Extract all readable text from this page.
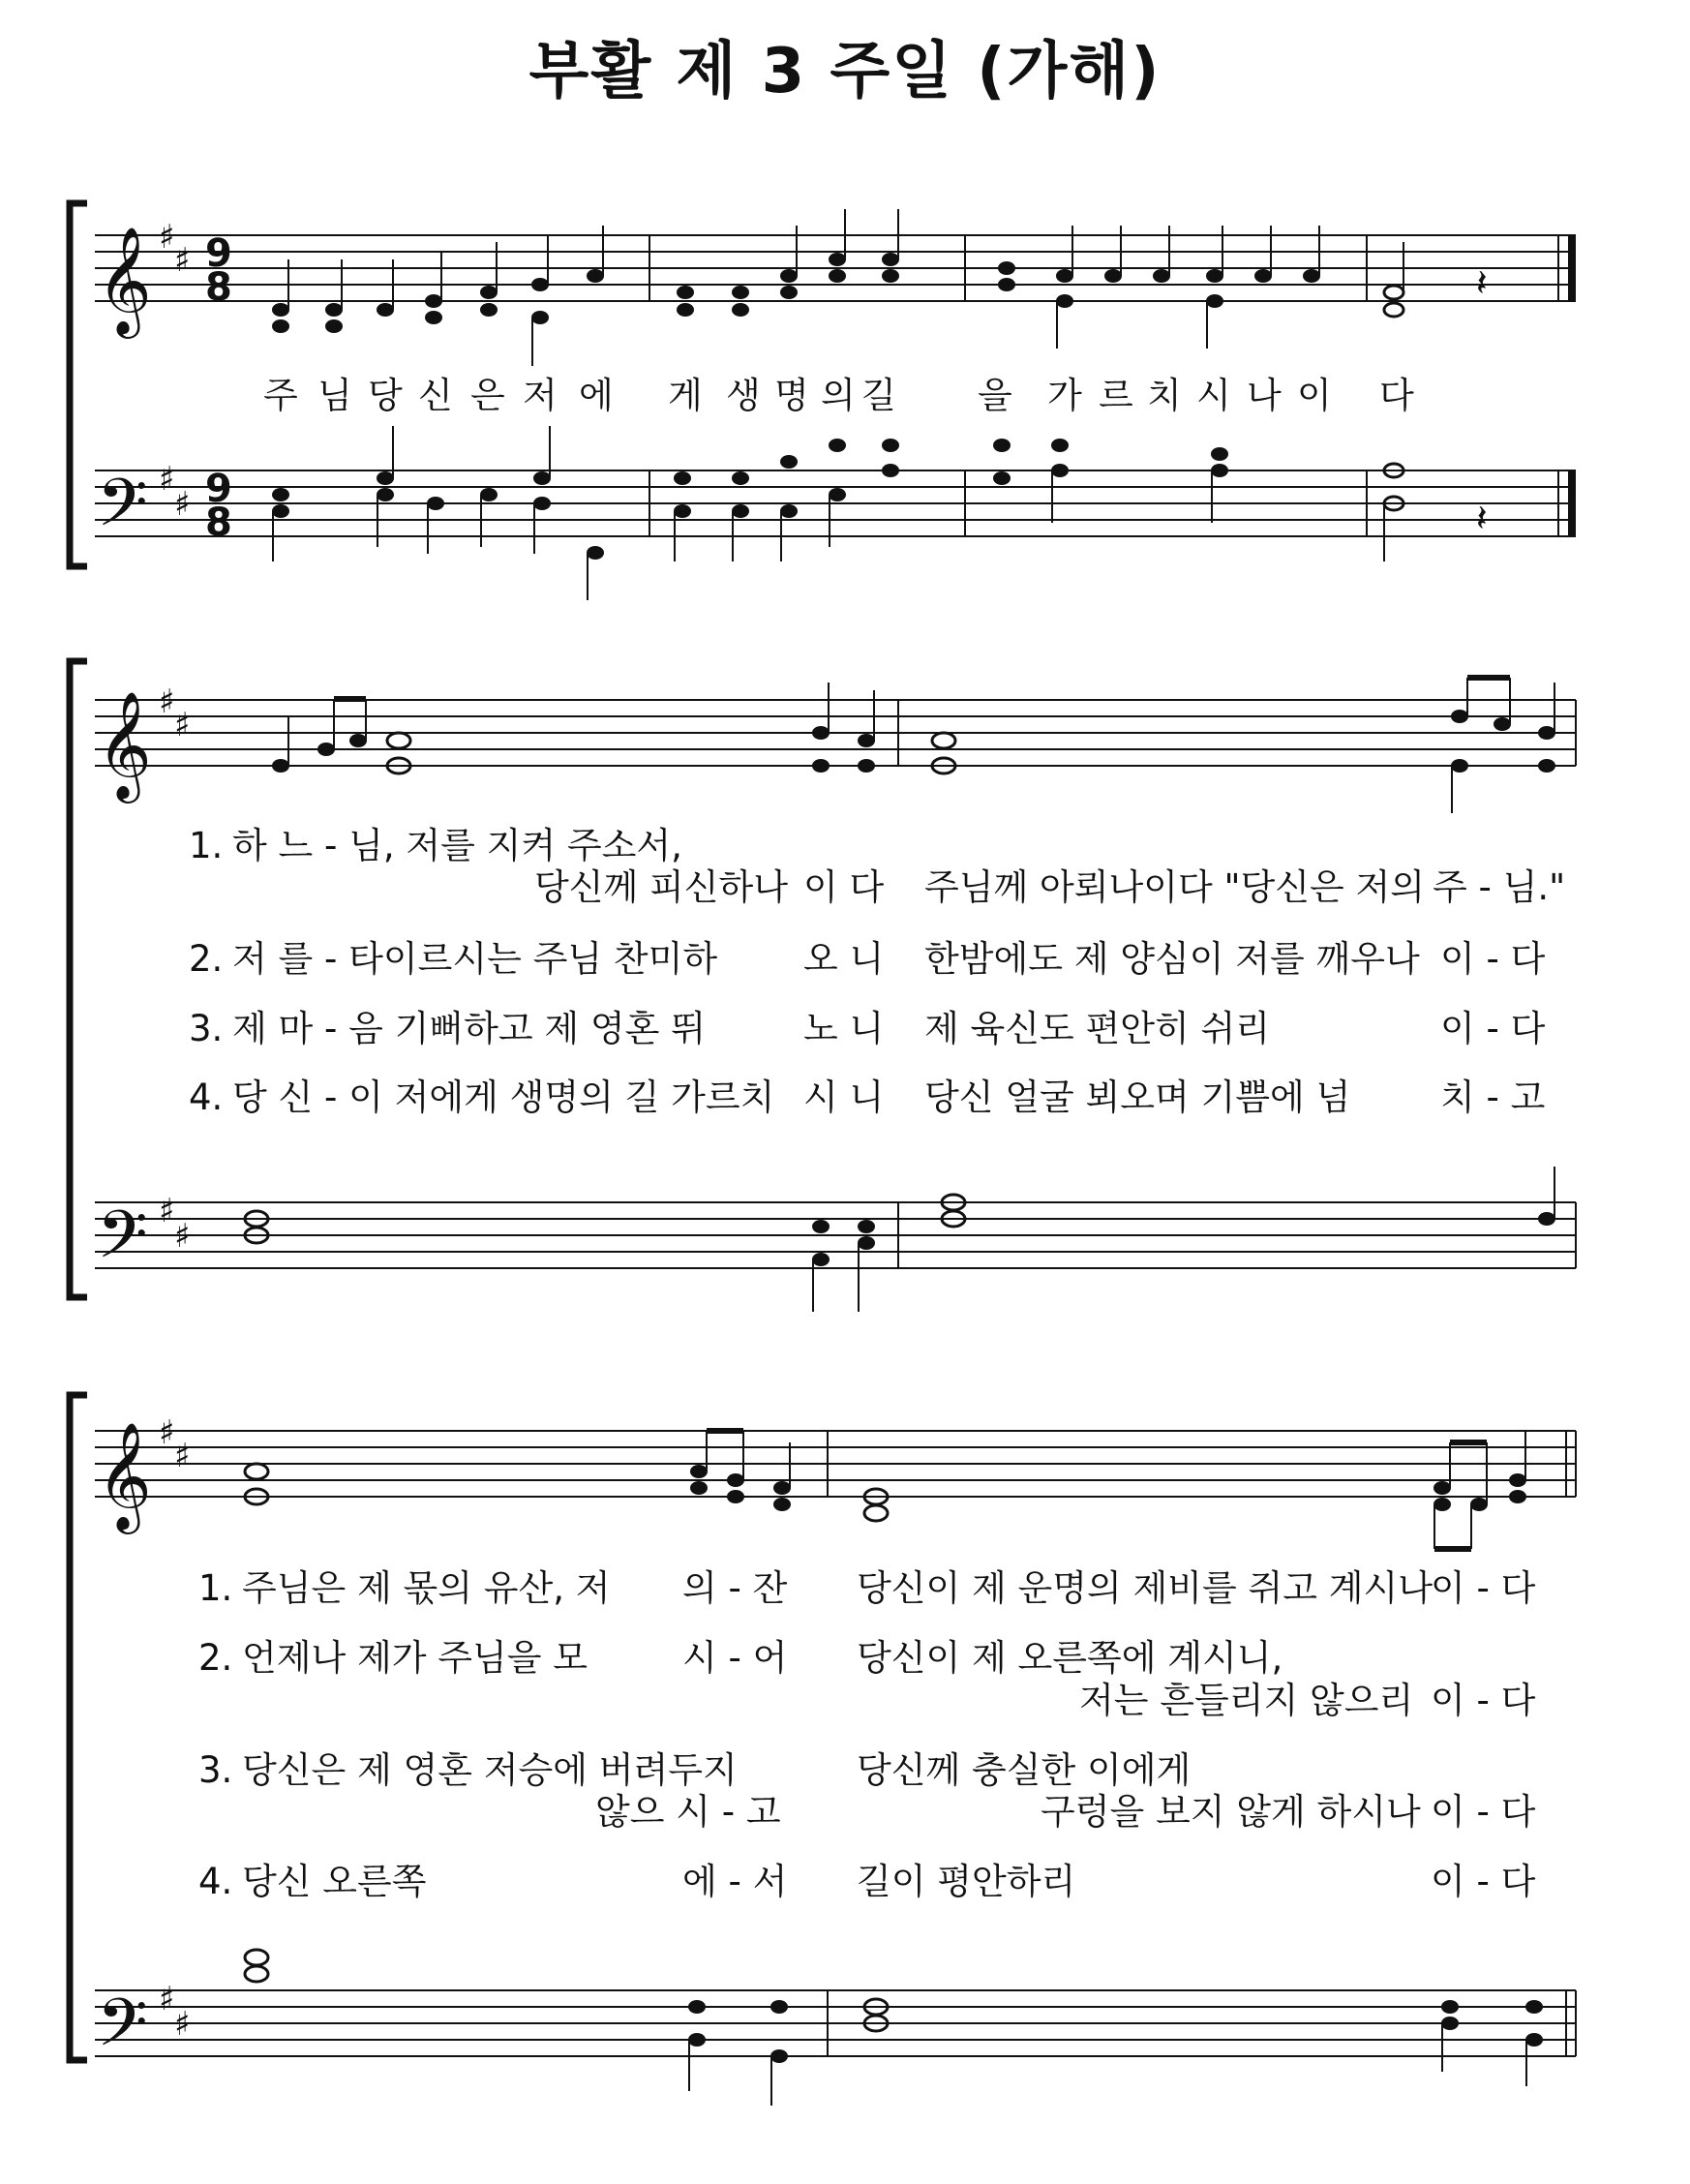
부활 제 3 주일 (가해)
𝄞
𝄢
𝄞
𝄢
𝄞
𝄢
♯
♯
♯
♯
♯
♯
♯
♯
♯
♯
♯
♯
9
8
9
8
𝄽
𝄽
주 님 당 신 은 저 에 게 생 명 의 길 을 가 르 치 시 나 이 다
1. 하 느 - 님, 저를 지켜 주소서,
당신께 피신하나 이 다 주님께 아뢰나이다 "당신은 저의 주 - 님."
2. 저 를 - 타이르시는 주님 찬미하 오 니 한밤에도 제 양심이 저를 깨우나 이 - 다
3. 제 마 - 음 기뻐하고 제 영혼 뛰	노 니 제 육신도 편안히 쉬리	이 - 다
4. 당 신 - 이 저에게 생명의 길 가르치 시 니 당신 얼굴 뵈오며 기쁨에 넘	치 - 고
1. 주님은 제 몫의 유산, 저 의 - 잔 당신이 제 운명의 제비를 쥐고 계시나
이 - 다
2. 언제나 제가 주님을 모	시 - 어 당신이 제 오른쪽에 계시니,
저는 흔들리지 않으리 이 - 다
3. 당신은 제 영혼 저승에 버려두지
않으 시 - 고
당신께 충실한 이에게
구렁을 보지 않게 하시나 이 - 다
4. 당신 오른쪽	에 - 서 길이 평안하리	이 - 다
